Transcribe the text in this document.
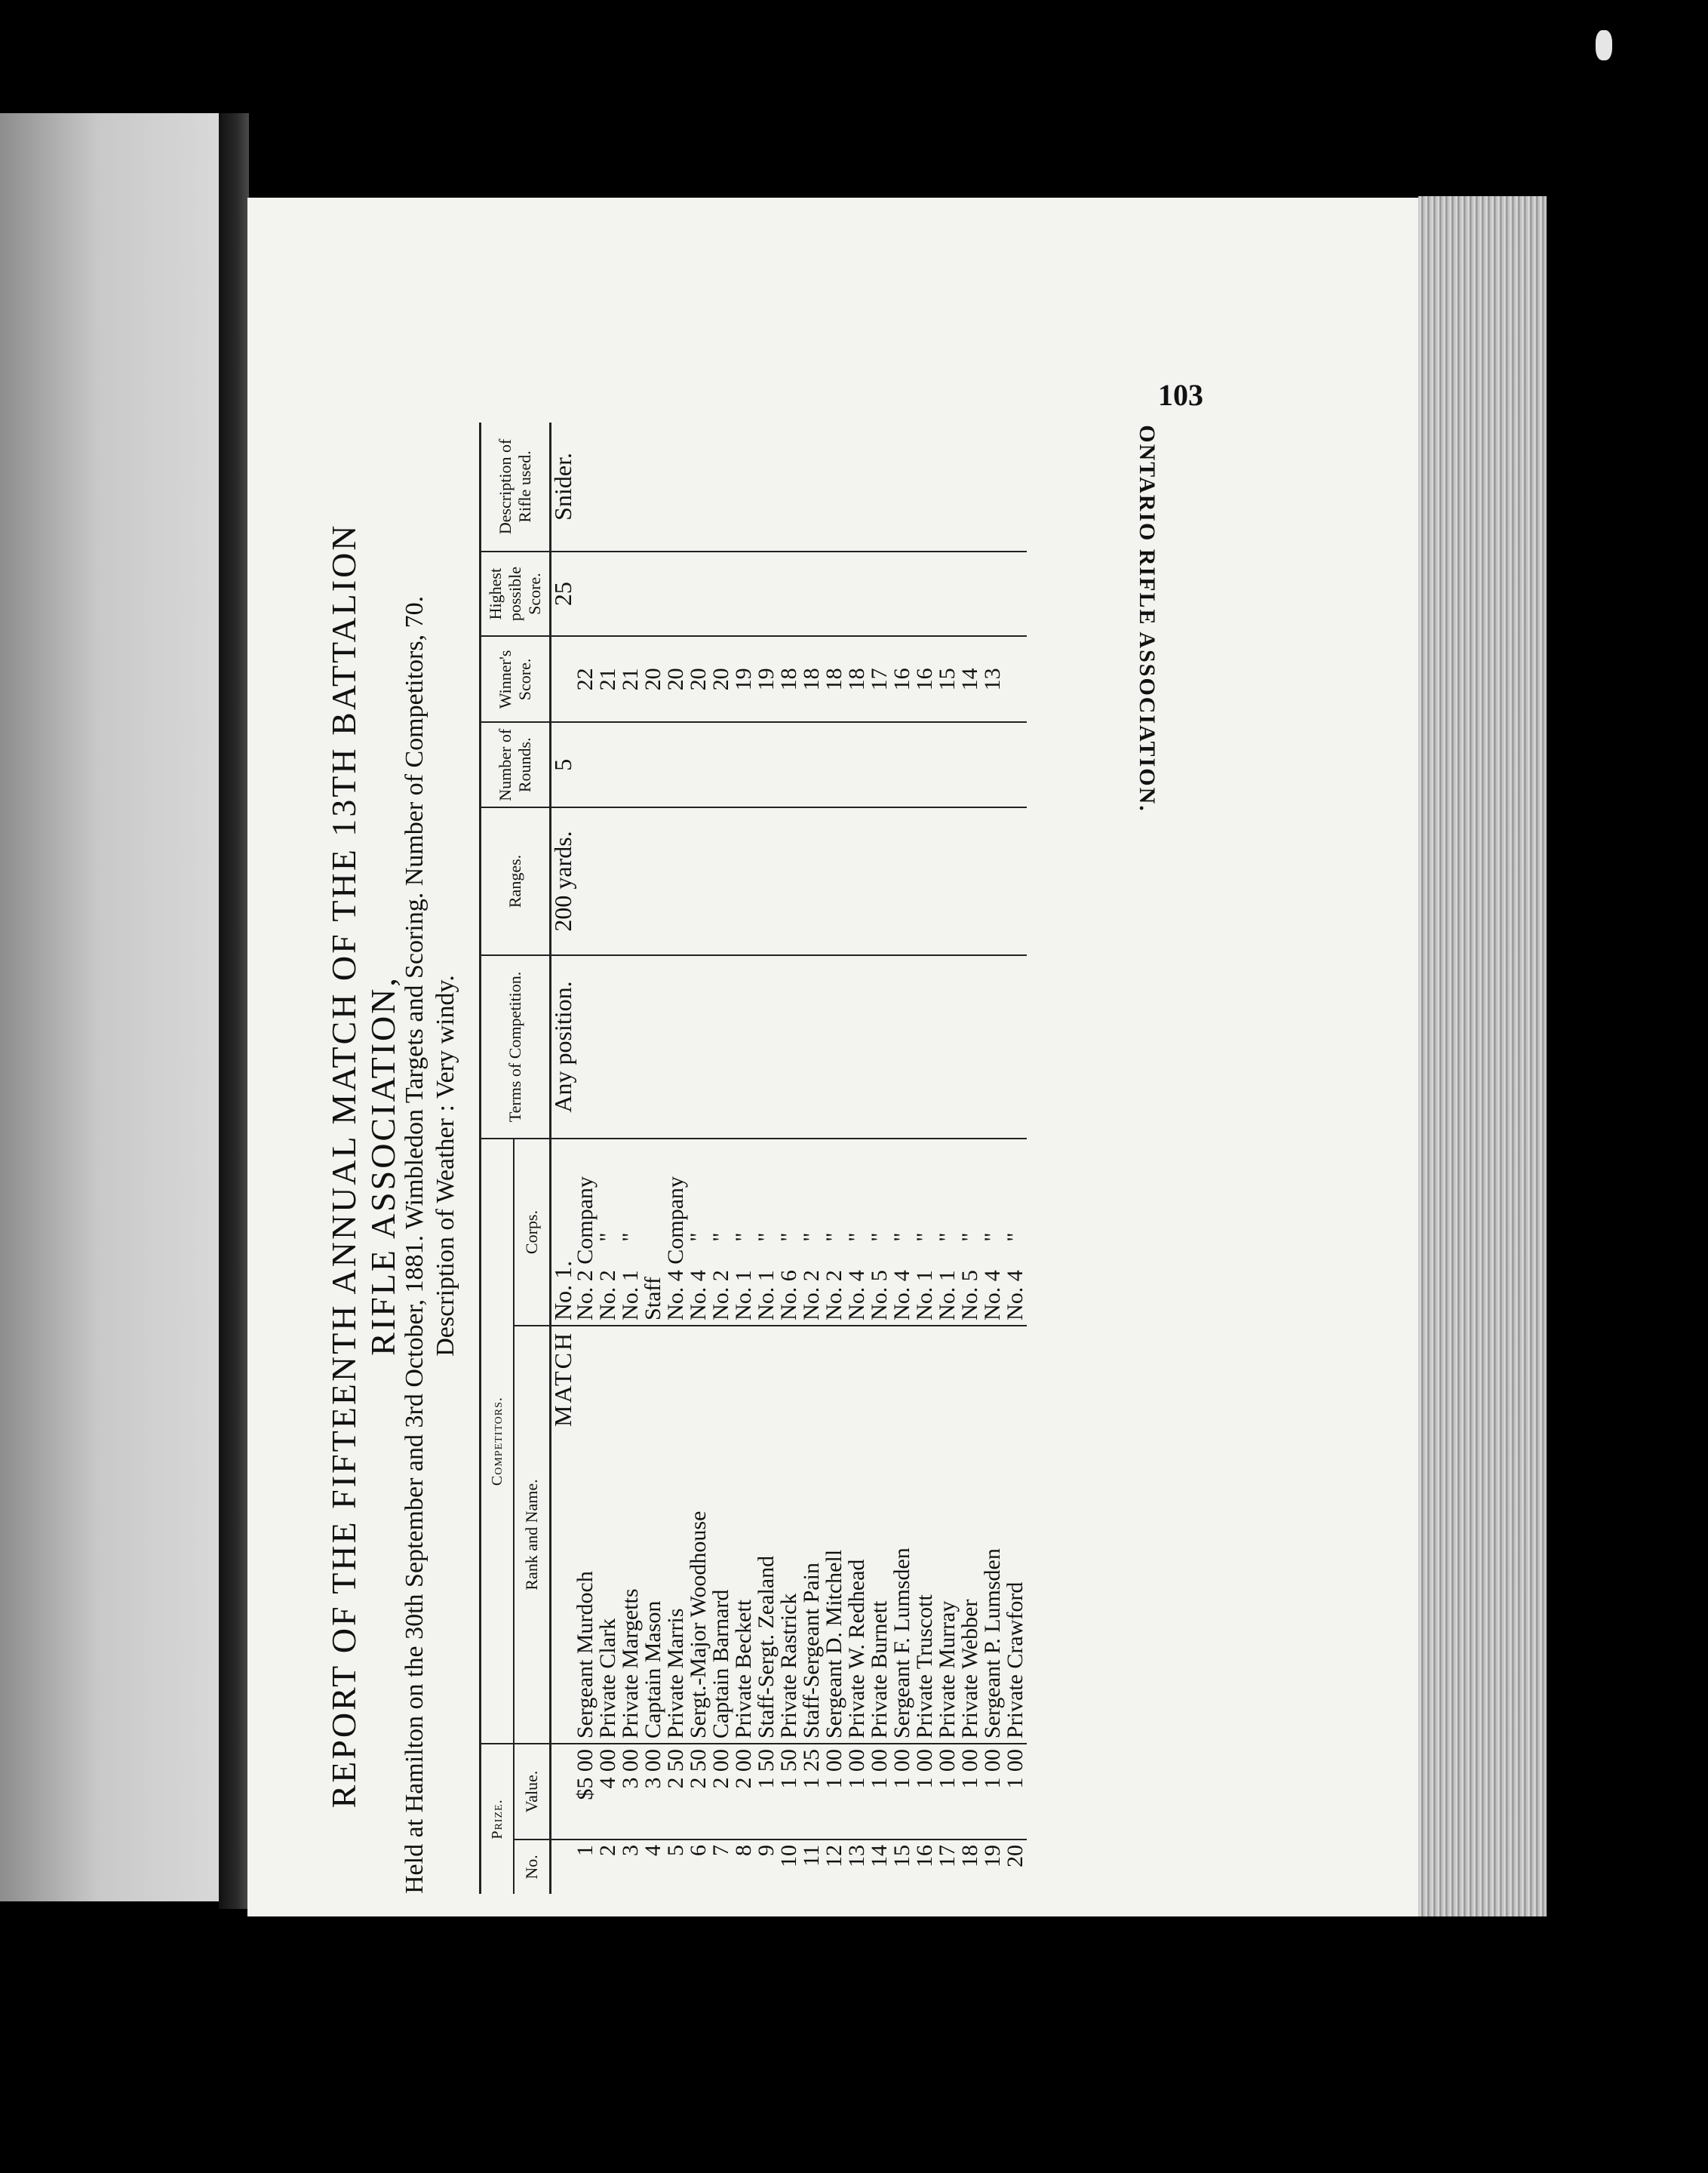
ONTARIO RIFLE ASSOCIATION.
103
REPORT OF THE FIFTEENTH ANNUAL MATCH OF THE 13TH BATTALION RIFLE ASSOCIATION,
Held at Hamilton on the 30th September and 3rd October, 1881. Wimbledon Targets and Scoring. Number of Competitors, 70. Description of Weather : Very windy.
Prize.		Competitors.		Terms of Competition.	Ranges.	Number of Rounds.	Winner's Score.	Highest possible Score.	Description of Rifle used.
No.	Value.	Rank and Name.	Corps.						
		MATCH	No. 1.	Any position.	200 yards.	5		25	Snider.
1	$5 00	Sergeant Murdoch	No. 2 Company				22		
2	4 00	Private Clark	No. 2     "				21		
3	3 00	Private Margetts	No. 1     "				21		
4	3 00	Captain Mason	Staff				20		
5	2 50	Private Marris	No. 4 Company				20		
6	2 50	Sergt.-Major Woodhouse	No. 4     "				20		
7	2 00	Captain Barnard	No. 2     "				20		
8	2 00	Private Beckett	No. 1     "				19		
9	1 50	Staff-Sergt. Zealand	No. 1     "				19		
10	1 50	Private Rastrick	No. 6     "				18		
11	1 25	Staff-Sergeant Pain	No. 2     "				18		
12	1 00	Sergeant D. Mitchell	No. 2     "				18		
13	1 00	Private W. Redhead	No. 4     "				18		
14	1 00	Private Burnett	No. 5     "				17		
15	1 00	Sergeant F. Lumsden	No. 4     "				16		
16	1 00	Private Truscott	No. 1     "				16		
17	1 00	Private Murray	No. 1     "				15		
18	1 00	Private Webber	No. 5     "				14		
19	1 00	Sergeant P. Lumsden	No. 4     "				13		
20	1 00	Private Crawford	No. 4     "						
